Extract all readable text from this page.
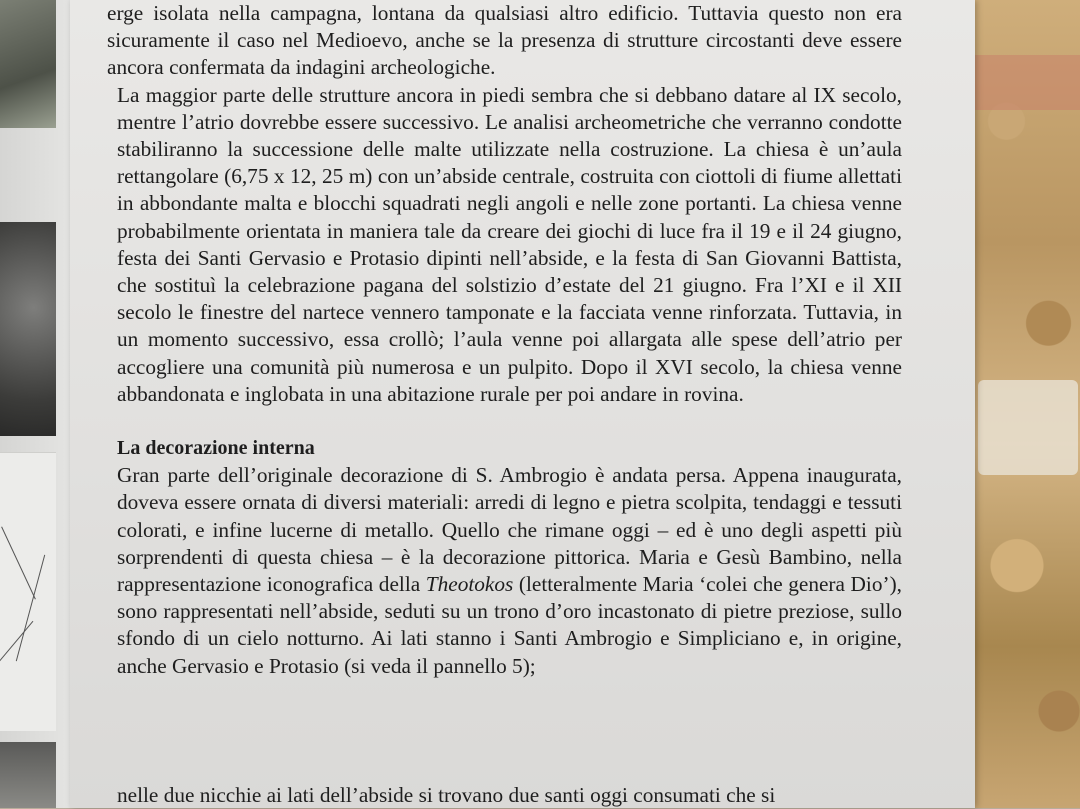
erge isolata nella campagna, lontana da qualsiasi altro edificio. Tuttavia questo non era sicuramente il caso nel Medioevo, anche se la presenza di strutture circostanti deve essere ancora confermata da indagini archeologiche.

La maggior parte delle strutture ancora in piedi sembra che si debbano datare al IX secolo, mentre l’atrio dovrebbe essere successivo. Le analisi archeometriche che verranno condotte stabiliranno la successione delle malte utilizzate nella costruzione. La chiesa è un’aula rettangolare (6,75 x 12, 25 m) con un’abside centrale, costruita con ciottoli di fiume allettati in abbondante malta e blocchi squadrati negli angoli e nelle zone portanti. La chiesa venne probabilmente orientata in maniera tale da creare dei giochi di luce fra il 19 e il 24 giugno, festa dei Santi Gervasio e Protasio dipinti nell’abside, e la festa di San Giovanni Battista, che sostituì la celebrazione pagana del solstizio d’estate del 21 giugno. Fra l’XI e il XII secolo le finestre del nartece vennero tamponate e la facciata venne rinforzata. Tuttavia, in un momento successivo, essa crollò; l’aula venne poi allargata alle spese dell’atrio per accogliere una comunità più numerosa e un pulpito. Dopo il XVI secolo, la chiesa venne abbandonata e inglobata in una abitazione rurale per poi andare in rovina.

La decorazione interna

Gran parte dell’originale decorazione di S. Ambrogio è andata persa. Appena inaugurata, doveva essere ornata di diversi materiali: arredi di legno e pietra scolpita, tendaggi e tessuti colorati, e infine lucerne di metallo. Quello che rimane oggi – ed è uno degli aspetti più sorprendenti di questa chiesa – è la decorazione pittorica. Maria e Gesù Bambino, nella rappresentazione iconografica della Theotokos (letteralmente Maria ‘colei che genera Dio’), sono rappresentati nell’abside, seduti su un trono d’oro incastonato di pietre preziose, sullo sfondo di un cielo notturno. Ai lati stanno i Santi Ambrogio e Simpliciano e, in origine, anche Gervasio e Protasio (si veda il pannello 5);

nelle due nicchie ai lati dell’abside si trovano due santi oggi consumati che si
